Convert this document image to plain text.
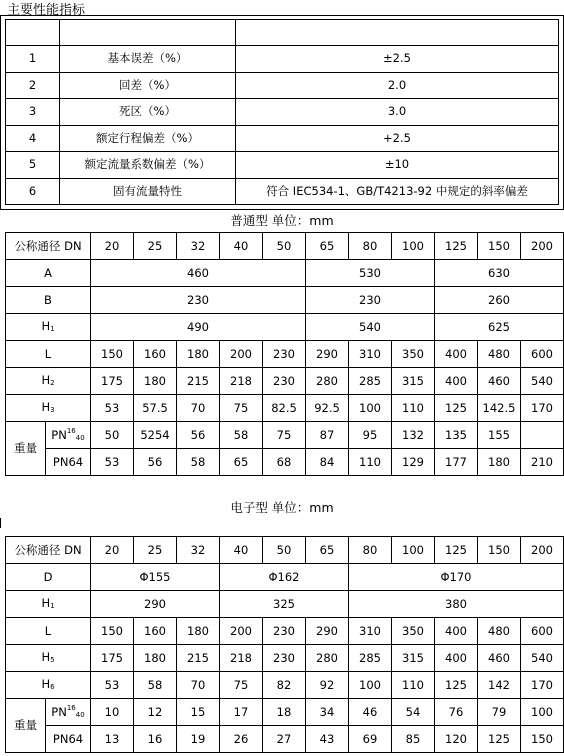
主要性能指标

1	基本误差（%）	±2.5
2	回差（%）	2.0
3	死区（%）	3.0
4	额定行程偏差（%）	+2.5
5	额定流量系数偏差（%）	±10
6	固有流量特性	符合 IEC534-1、GB/T4213-92 中规定的斜率偏差
普通型 单位：mm
公称通径 DN		20	25	32	40	50	65	80	100	125	150	200
A		460					530			630		
B		230					230			260		
$H_1$		490					540			625		
L		150	160	180	200	230	290	310	350	400	480	600
$H_2$		175	180	215	218	230	280	285	315	400	460	540
$H_3$		53	57.5	70	75	82.5	92.5	100	110	125	142.5	170
重量	$PN^{16}_{40}$	50	5254	56	58	75	87	95	132	135	155	
	PN64	53	56	58	65	68	84	110	129	177	180	210
电子型 单位：mm
公称通径 DN		20	25	32	40	50	65	80	100	125	150	200
D		Φ155			Φ162			Φ170				
$H_1$		290			325			380				
L		150	160	180	200	230	290	310	350	400	480	600
$H_5$		175	180	215	218	230	280	285	315	400	460	540
$H_6$		53	58	70	75	82	92	100	110	125	142	170
重量	$PN^{16}_{40}$	10	12	15	17	18	34	46	54	76	79	100
	PN64	13	16	19	26	27	43	69	85	120	125	150
